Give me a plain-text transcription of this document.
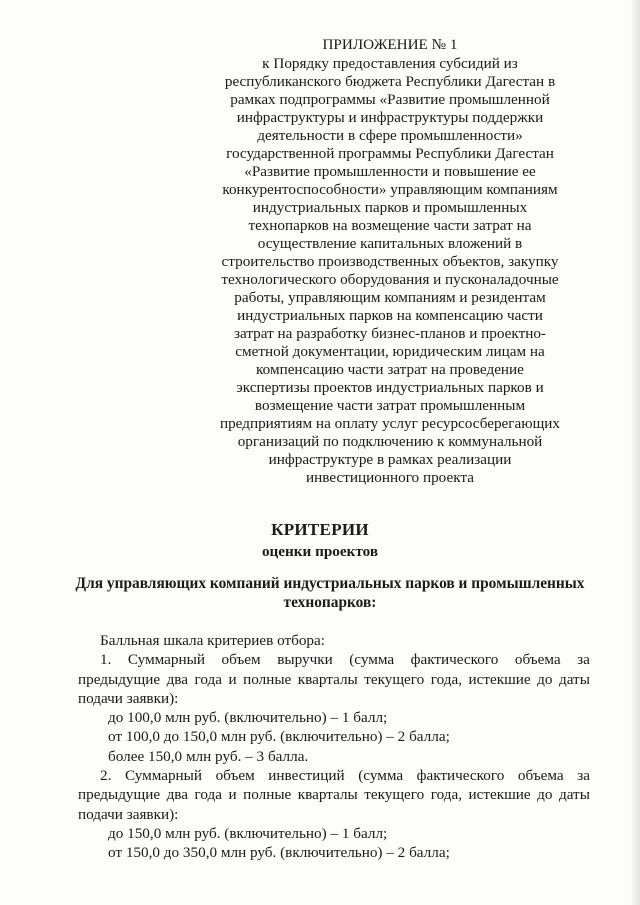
ПРИЛОЖЕНИЕ № 1
к Порядку предоставления субсидий из
республиканского бюджета Республики Дагестан в
рамках подпрограммы «Развитие промышленной
инфраструктуры и инфраструктуры поддержки
деятельности в сфере промышленности»
государственной программы Республики Дагестан
«Развитие промышленности и повышение ее
конкурентоспособности» управляющим компаниям
индустриальных парков и промышленных
технопарков на возмещение части затрат на
осуществление капитальных вложений в
строительство производственных объектов, закупку
технологического оборудования и пусконаладочные
работы, управляющим компаниям и резидентам
индустриальных парков на компенсацию части
затрат на разработку бизнес-планов и проектно-
сметной документации, юридическим лицам на
компенсацию части затрат на проведение
экспертизы проектов индустриальных парков и
возмещение части затрат промышленным
предприятиям на оплату услуг ресурсосберегающих
организаций по подключению к коммунальной
инфраструктуре в рамках реализации
инвестиционного проекта
КРИТЕРИИ
оценки проектов
Для управляющих компаний индустриальных парков и промышленных
технопарков:
Балльная шкала критериев отбора:
1. Суммарный объем выручки (сумма фактического объема за
предыдущие два года и полные кварталы текущего года, истекшие до даты
подачи заявки):
до 100,0 млн руб. (включительно) – 1 балл;
от 100,0 до 150,0 млн руб. (включительно) – 2 балла;
более 150,0 млн руб. – 3 балла.
2. Суммарный объем инвестиций (сумма фактического объема за
предыдущие два года и полные кварталы текущего года, истекшие до даты
подачи заявки):
до 150,0 млн руб. (включительно) – 1 балл;
от 150,0 до 350,0 млн руб. (включительно) – 2 балла;
